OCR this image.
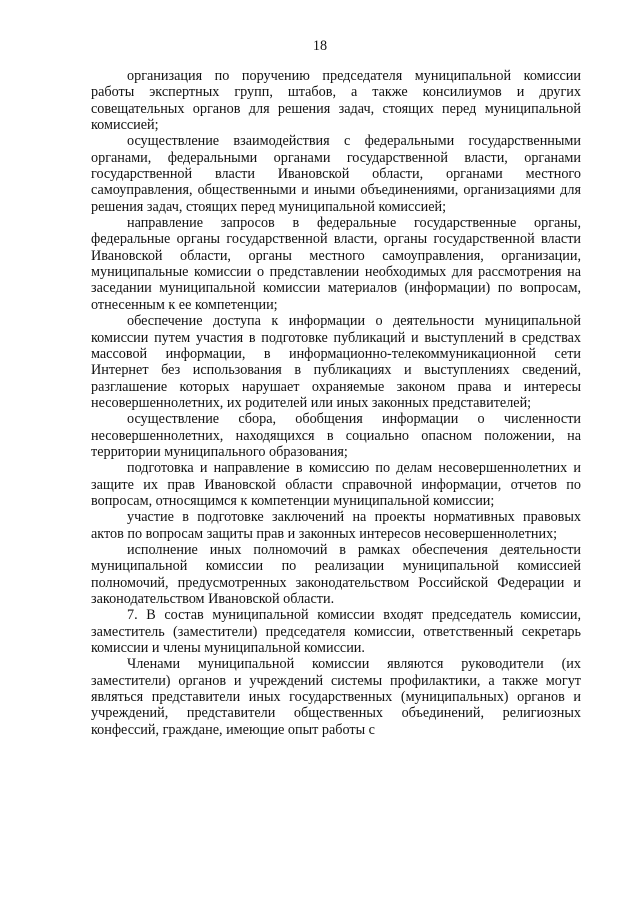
18

организация по поручению председателя муниципальной комиссии работы экспертных групп, штабов, а также консилиумов и других совещательных органов для решения задач, стоящих перед муниципальной комиссией;

осуществление взаимодействия с федеральными государственными органами, федеральными органами государственной власти, органами государственной власти Ивановской области, органами местного самоуправления, общественными и иными объединениями, организациями для решения задач, стоящих перед муниципальной комиссией;

направление запросов в федеральные государственные органы, федеральные органы государственной власти, органы государственной власти Ивановской области, органы местного самоуправления, организации, муниципальные комиссии о представлении необходимых для рассмотрения на заседании муниципальной комиссии материалов (информации) по вопросам, отнесенным к ее компетенции;

обеспечение доступа к информации о деятельности муниципальной комиссии путем участия в подготовке публикаций и выступлений в средствах массовой информации, в информационно-телекоммуникационной сети Интернет без использования в публикациях и выступлениях сведений, разглашение которых нарушает охраняемые законом права и интересы несовершеннолетних, их родителей или иных законных представителей;

осуществление сбора, обобщения информации о численности несовершеннолетних, находящихся в социально опасном положении, на территории муниципального образования;

подготовка и направление в комиссию по делам несовершеннолетних и защите их прав Ивановской области справочной информации, отчетов по вопросам, относящимся к компетенции муниципальной комиссии;

участие в подготовке заключений на проекты нормативных правовых актов по вопросам защиты прав и законных интересов несовершеннолетних;

исполнение иных полномочий в рамках обеспечения деятельности муниципальной комиссии по реализации муниципальной комиссией полномочий, предусмотренных законодательством Российской Федерации и законодательством Ивановской области.

7. В состав муниципальной комиссии входят председатель комиссии, заместитель (заместители) председателя комиссии, ответственный секретарь комиссии и члены муниципальной комиссии.

Членами муниципальной комиссии являются руководители (их заместители) органов и учреждений системы профилактики, а также могут являться представители иных государственных (муниципальных) органов и учреждений, представители общественных объединений, религиозных конфессий, граждане, имеющие опыт работы с
